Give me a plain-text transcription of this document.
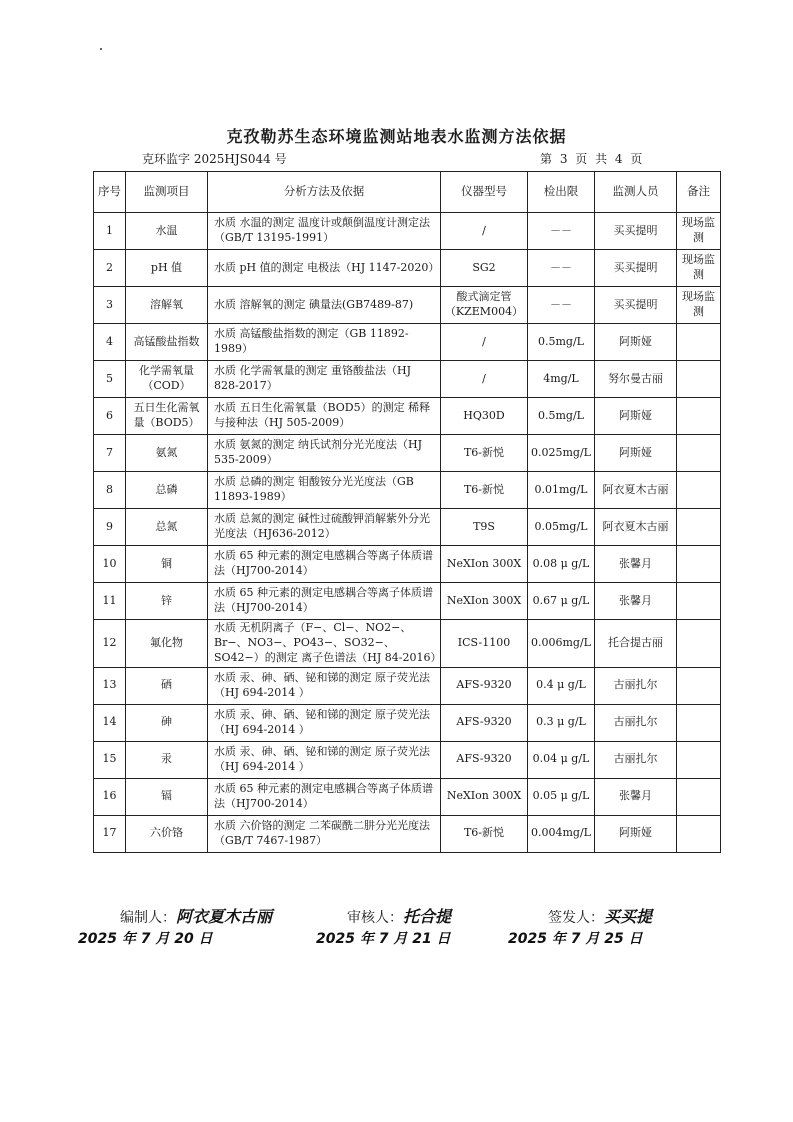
克孜勒苏生态环境监测站地表水监测方法依据
克环监字 2025HJS044 号	第 3 页 共 4 页
序号	监测项目	分析方法及依据	仪器型号	检出限	监测人员	备注
1	水温	水质 水温的测定 温度计或颠倒温度计测定法（GB/T 13195-1991）	/	－－	买买提明	现场监测
2	pH 值	水质 pH 值的测定 电极法（HJ 1147-2020）	SG2	－－	买买提明	现场监测
3	溶解氧	水质 溶解氧的测定 碘量法(GB7489-87)	酸式滴定管（KZEM004）	－－	买买提明	现场监测
4	高锰酸盐指数	水质 高锰酸盐指数的测定（GB 11892-1989）	/	0.5mg/L	阿斯娅	
5	化学需氧量（COD）	水质 化学需氧量的测定 重铬酸盐法（HJ 828-2017）	/	4mg/L	努尔曼古丽	
6	五日生化需氧量（BOD5）	水质 五日生化需氧量（BOD5）的测定 稀释与接种法（HJ 505-2009）	HQ30D	0.5mg/L	阿斯娅	
7	氨氮	水质 氨氮的测定 纳氏试剂分光光度法（HJ 535-2009）	T6-新悦	0.025mg/L	阿斯娅	
8	总磷	水质 总磷的测定 钼酸铵分光光度法（GB 11893-1989）	T6-新悦	0.01mg/L	阿衣夏木古丽	
9	总氮	水质 总氮的测定 碱性过硫酸钾消解紫外分光光度法（HJ636-2012）	T9S	0.05mg/L	阿衣夏木古丽	
10	铜	水质 65 种元素的测定电感耦合等离子体质谱法（HJ700-2014）	NeXIon 300X	0.08 μ g/L	张馨月	
11	锌	水质 65 种元素的测定电感耦合等离子体质谱法（HJ700-2014）	NeXIon 300X	0.67 μ g/L	张馨月	
12	氟化物	水质 无机阴离子（F−、Cl−、NO2−、Br−、NO3−、PO43−、SO32−、SO42−）的测定 离子色谱法（HJ 84-2016）	ICS-1100	0.006mg/L	托合提古丽	
13	硒	水质 汞、砷、硒、铋和锑的测定 原子荧光法（HJ 694-2014 ）	AFS-9320	0.4 μ g/L	古丽扎尔	
14	砷	水质 汞、砷、硒、铋和锑的测定 原子荧光法（HJ 694-2014 ）	AFS-9320	0.3 μ g/L	古丽扎尔	
15	汞	水质 汞、砷、硒、铋和锑的测定 原子荧光法（HJ 694-2014 ）	AFS-9320	0.04 μ g/L	古丽扎尔	
16	镉	水质 65 种元素的测定电感耦合等离子体质谱法（HJ700-2014）	NeXIon 300X	0.05 μ g/L	张馨月	
17	六价铬	水质 六价铬的测定 二苯碳酰二肼分光光度法（GB/T 7467-1987）	T6-新悦	0.004mg/L	阿斯娅	
编制人：阿衣夏木古丽	审核人：托合提	签发人：买买提
2025 年 7 月 20 日	2025 年 7 月 21 日	2025 年 7 月 25 日
